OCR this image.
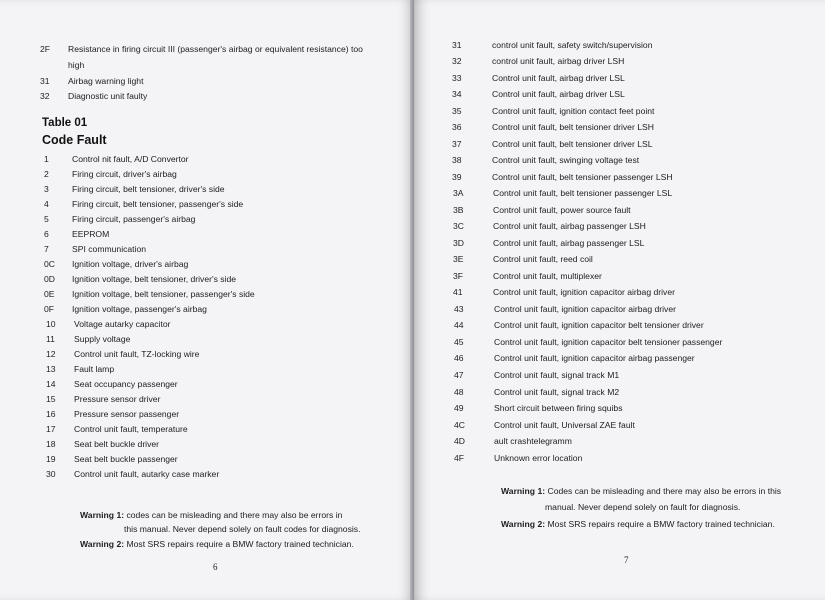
2F	Resistance in firing circuit III (passenger's airbag or equivalent resistance) too
high
31	Airbag warning light
32	Diagnostic unit faulty
Table 01
Code Fault
1	Control nit fault, A/D Convertor
2	Firing circuit, driver's airbag
3	Firing circuit, belt tensioner, driver's side
4	Firing circuit, belt tensioner, passenger's side
5	Firing circuit, passenger's airbag
6	EEPROM
7	SPI communication
0C	Ignition voltage, driver's airbag
0D	Ignition voltage, belt tensioner, driver's side
0E	Ignition voltage, belt tensioner, passenger's side
0F	Ignition voltage, passenger's airbag
10	Voltage autarky capacitor
11	Supply voltage
12	Control unit fault, TZ-locking wire
13	Fault lamp
14	Seat occupancy passenger
15	Pressure sensor driver
16	Pressure sensor passenger
17	Control unit fault, temperature
18	Seat belt buckle driver
19	Seat belt buckle passenger
30	Control unit fault, autarky case marker
Warning 1: codes can be misleading and there may also be errors in
this manual. Never depend solely on fault codes for diagnosis.
Warning 2: Most SRS repairs require a BMW factory trained technician.
6
31	control unit fault, safety switch/supervision
32	control unit fault, airbag driver LSH
33	Control unit fault, airbag driver LSL
34	Control unit fault, airbag driver LSL
35	Control unit fault, ignition contact feet point
36	Control unit fault, belt tensioner driver LSH
37	Control unit fault, belt tensioner driver LSL
38	Control unit fault, swinging voltage test
39	Control unit fault, belt tensioner passenger LSH
3A	Control unit fault, belt tensioner passenger LSL
3B	Control unit fault, power source fault
3C	Control unit fault, airbag passenger LSH
3D	Control unit fault, airbag passenger LSL
3E	Control unit fault, reed coil
3F	Control unit fault, multiplexer
41	Control unit fault, ignition capacitor airbag driver
43	Control unit fault, ignition capacitor airbag driver
44	Control unit fault, ignition capacitor belt tensioner driver
45	Control unit fault, ignition capacitor belt tensioner passenger
46	Control unit fault, ignition capacitor airbag passenger
47	Control unit fault, signal track M1
48	Control unit fault, signal track M2
49	Short circuit between firing squibs
4C	Control unit fault, Universal ZAE fault
4D	ault crashtelegramm
4F	Unknown error location
Warning 1: Codes can be misleading and there may also be errors in this
manual. Never depend solely on fault for diagnosis.
Warning 2: Most SRS repairs require a BMW factory trained technician.
7
